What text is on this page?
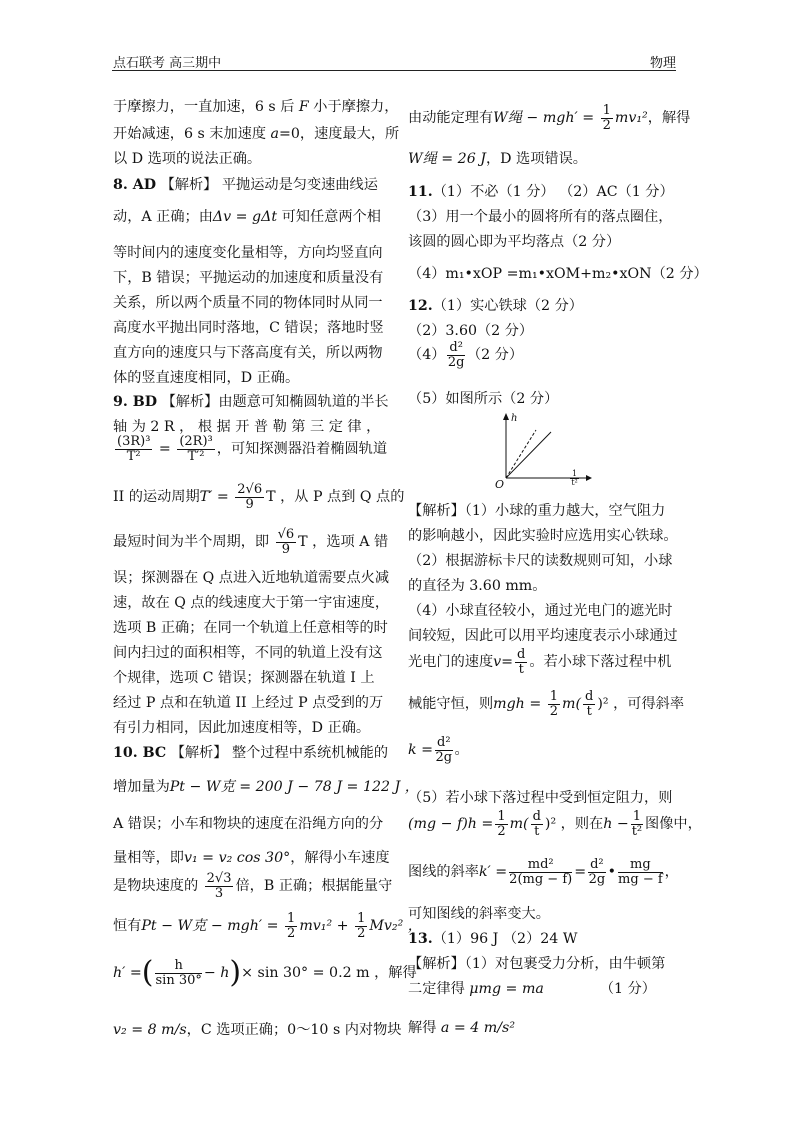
点石联考 高三期中	物理
于摩擦力，一直加速，6 s 后 F 小于摩擦力，
开始减速，6 s 末加速度 a=0，速度最大，所
以 D 选项的说法正确。
8. AD 【解析】 平抛运动是匀变速曲线运
动，A 正确；由Δv = gΔt 可知任意两个相
等时间内的速度变化量相等，方向均竖直向
下，B 错误；平抛运动的加速度和质量没有
关系，所以两个质量不同的物体同时从同一
高度水平抛出同时落地，C 错误；落地时竖
直方向的速度只与下落高度有关，所以两物
体的竖直速度相同，D 正确。
9. BD 【解析】由题意可知椭圆轨道的半长
轴 为 2 R ， 根 据 开 普 勒 第 三 定 律 ，
$\frac{\text{(3R)³}}{\text{T²}} = \frac{\text{(2R)³}}{\text{T′²}}$ ，可知探测器沿着椭圆轨道
II 的运动周期$T' = \frac{2√6}{9}$ T ，从 P 点到 Q 点的
最短时间为半个周期，即 $\frac{√6}{9}$ T ，选项 A 错
误；探测器在 Q 点进入近地轨道需要点火减
速，故在 Q 点的线速度大于第一宇宙速度，
选项 B 正确；在同一个轨道上任意相等的时
间内扫过的面积相等，不同的轨道上没有这
个规律，选项 C 错误；探测器在轨道 I 上
经过 P 点和在轨道 II 上经过 P 点受到的万
有引力相同，因此加速度相等，D 正确。
10. BC 【解析】 整个过程中系统机械能的
增加量为Pt − W克 = 200 J − 78 J = 122 J ，
A 错误；小车和物块的速度在沿绳方向的分
量相等，即v₁ = v₂ cos 30°，解得小车速度
是物块速度的 $\frac{2√3}{3}$ 倍，B 正确；根据能量守
恒有Pt − W克 − $mgh' = \frac{1}{2} mv_1^2 + \frac{1}{2} Mv_2^2$ ，
h′ =( $\frac{h}{\sin 30^\circ} - h)\times \sin 30^\circ = 0.2$ m ，解得
v₂ = 8 m/s，C 选项正确；0～10 s 内对物块
由动能定理有W绳 − $mgh' = \frac{1}{2} mv_1^2$，解得
W绳 = 26 J，D 选项错误。
11.（1）不必（1 分） （2）AC（1 分）
（3）用一个最小的圆将所有的落点圈住，
该圆的圆心即为平均落点（2 分）
（4）m₁•xOP =m₁•xOM+m₂•xON（2 分）
12.（1）实心铁球（2 分）
（2）3.60（2 分）
$(4) \frac{\text{d²}}{2g} (2$ 分）
（5）如图所示（2 分）
h
O	$\frac{1}{\text{t²}}$
【解析】（1）小球的重力越大，空气阻力
的影响越小，因此实验时应选用实心铁球。
（2）根据游标卡尺的读数规则可知，小球
的直径为 3.60 mm。
（4）小球直径较小，通过光电门的遮光时
间较短，因此可以用平均速度表示小球通过
光电门的速度$v= \frac{d}{t}$ 。若小球下落过程中机
械能守恒，则mgh = $\frac{1}{2} m( \frac{d}{t} )^2$ ，可得斜率
$k = \frac{\text{d²}}{2g}$ 。
（5）若小球下落过程中受到恒定阻力，则
$(mg - f)h = \frac{1}{2} m( \frac{d}{t} )^2$ ，则在$h - \frac{1}{\text{t²}}$ 图像中，
图线的斜率$k' = \frac{\text{md²}}{2(mg - f)} = \frac{\text{d²}}{2g}$ • $\frac{mg}{mg - f}$ ，
可知图线的斜率变大。
13.（1）96 J （2）24 W
【解析】（1）对包裹受力分析，由牛顿第
二定律得 μmg = ma	（1 分）
解得 a = 4 m/s²
